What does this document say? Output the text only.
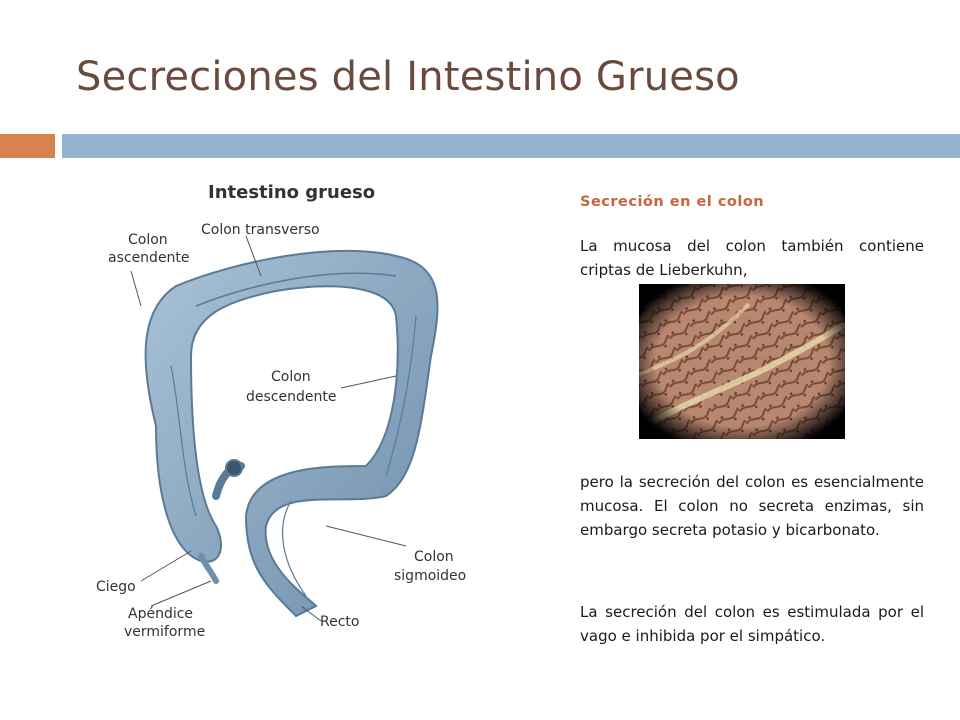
Secreciones del Intestino Grueso
Intestino grueso
Colon transverso
Colon
ascendente
Colon
descendente
Ciego
Apéndice
vermiforme
Colon
sigmoideo
Recto

Secreción en el colon

La mucosa del colon también contiene criptas de Lieberkuhn,

pero la secreción del colon es esencialmente mucosa. El colon no secreta enzimas, sin embargo secreta potasio y bicarbonato.

La secreción del colon es estimulada por el vago e inhibida por el simpático.
